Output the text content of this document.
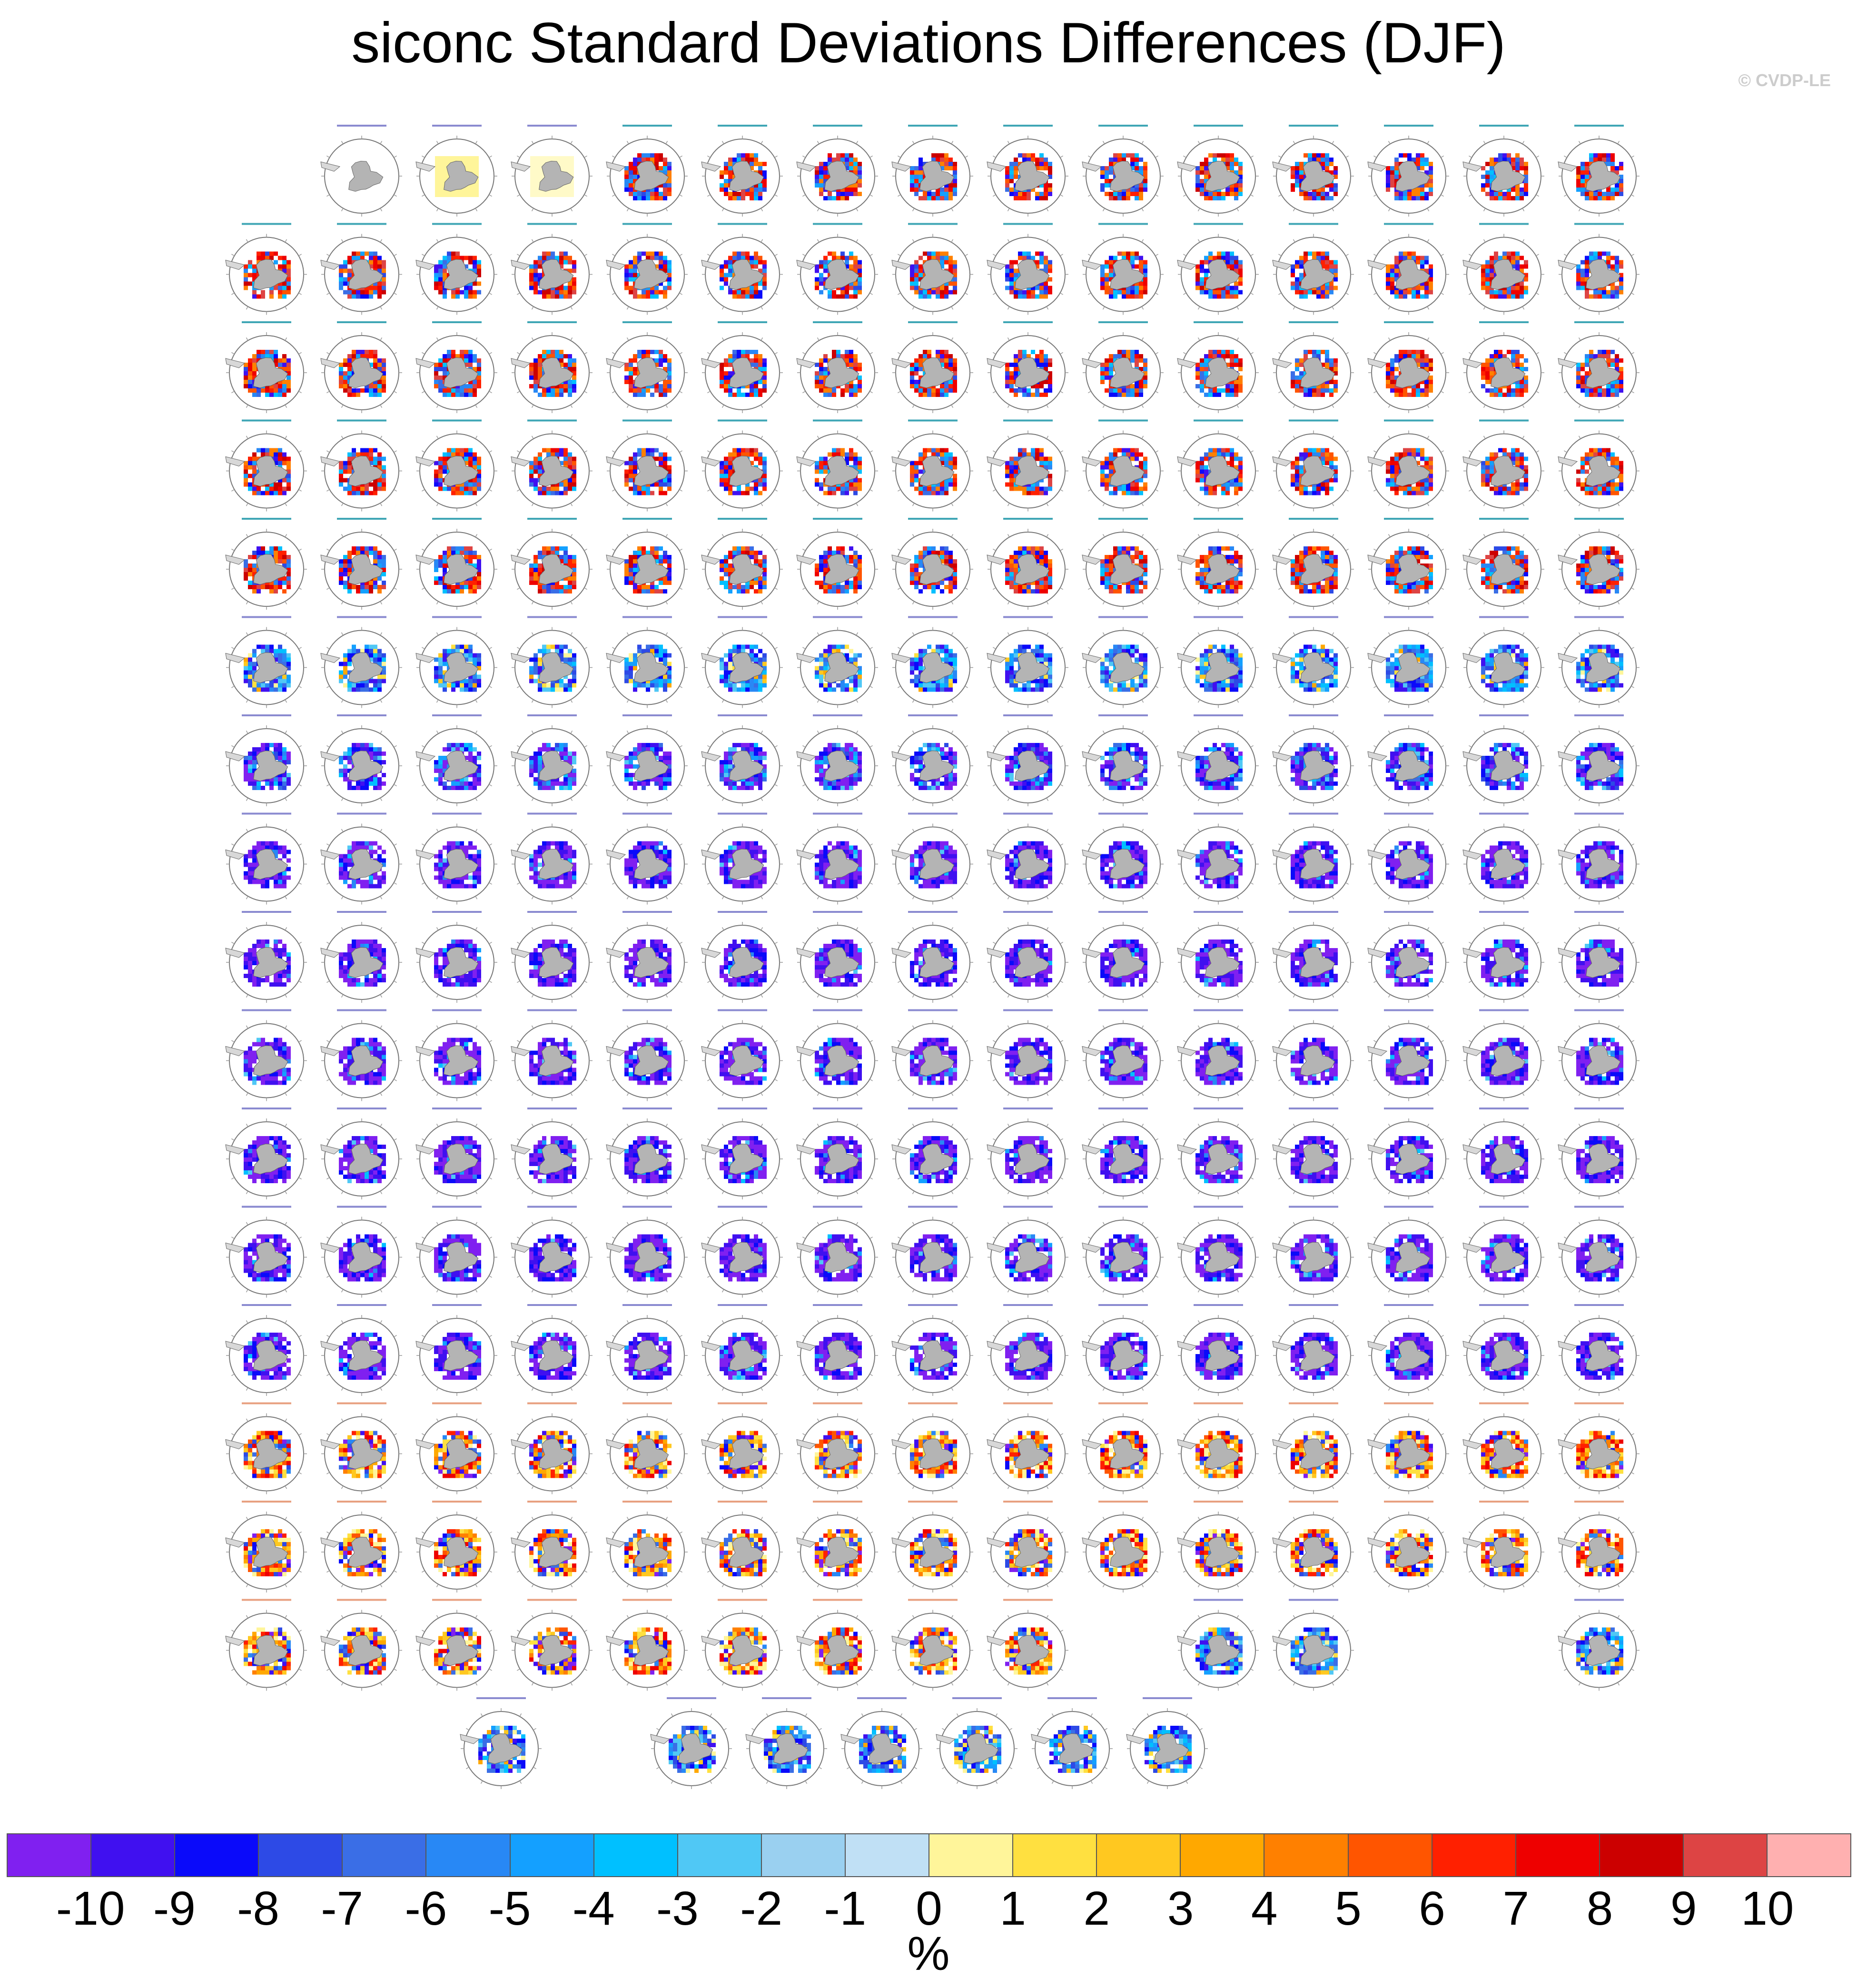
siconc Standard Deviations Differences (DJF)
© CVDP-LE
-10 -9 -8 -7 -6 -5 -4 -3 -2 -1 0 1 2 3 4 5 6 7 8 9 10
%
